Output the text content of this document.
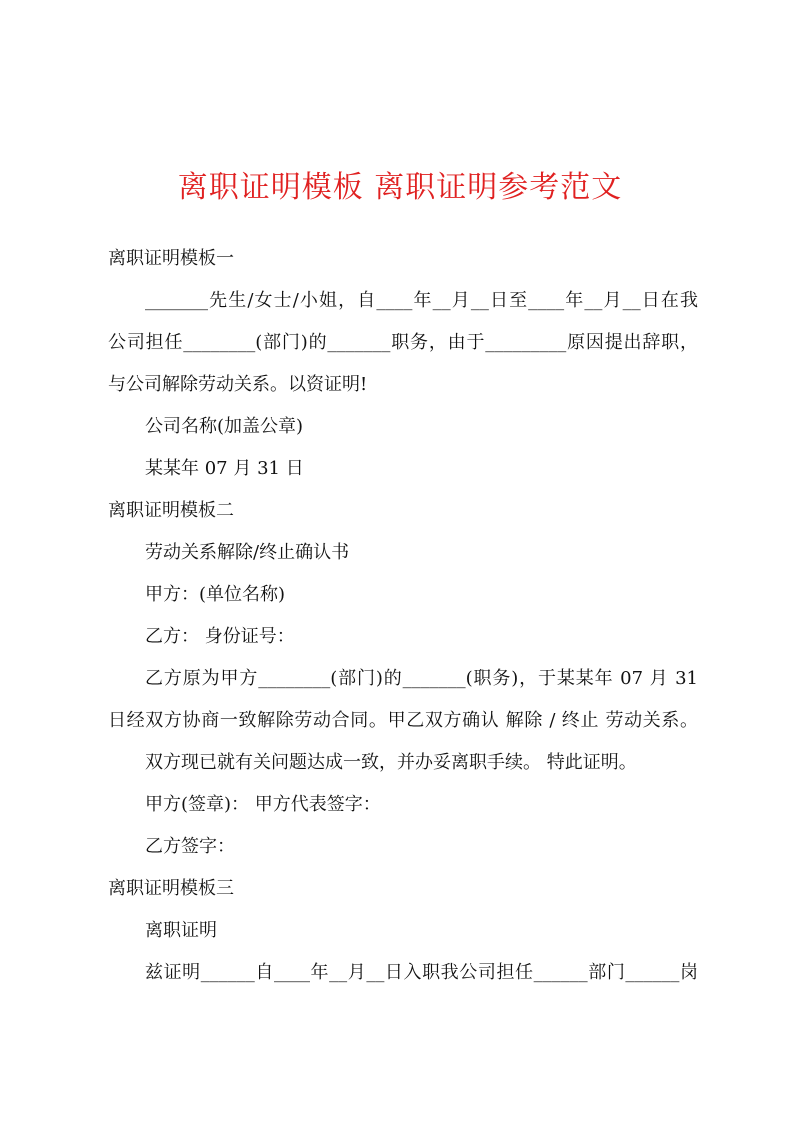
离职证明模板 离职证明参考范文
离职证明模板一
_______先生/女士/小姐，自____年__月__日至____年__月__日在我
公司担任________(部门)的_______职务，由于_________原因提出辞职，
与公司解除劳动关系。以资证明!
公司名称(加盖公章)
某某年 07 月 31 日
离职证明模板二
劳动关系解除/终止确认书
甲方：(单位名称)
乙方： 身份证号：
乙方原为甲方________(部门)的_______(职务)，于某某年 07 月 31
日经双方协商一致解除劳动合同。甲乙双方确认 解除 / 终止 劳动关系。
双方现已就有关问题达成一致，并办妥离职手续。 特此证明。
甲方(签章)： 甲方代表签字：
乙方签字：
离职证明模板三
离职证明
兹证明______自____年__月__日入职我公司担任______部门______岗
